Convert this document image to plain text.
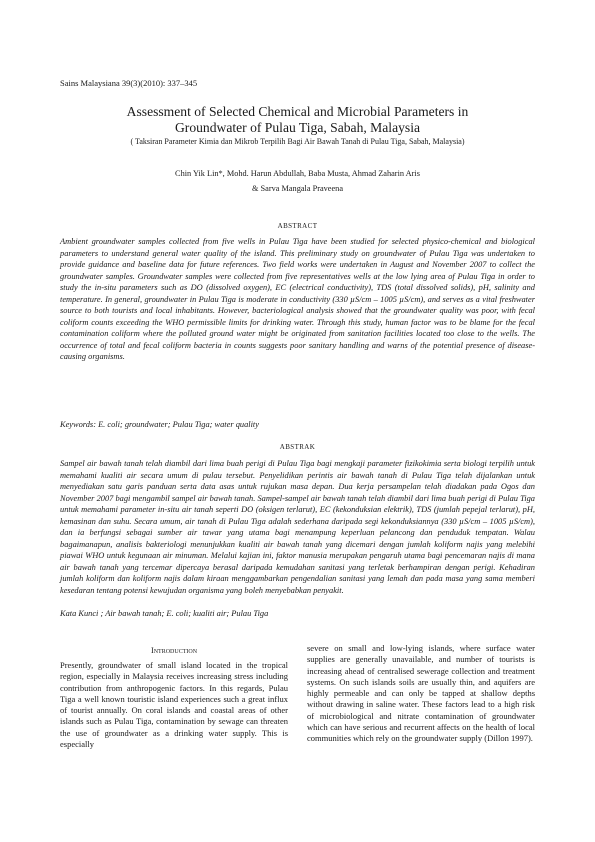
Sains Malaysiana 39(3)(2010): 337–345
Assessment of Selected Chemical and Microbial Parameters in
Groundwater of Pulau Tiga, Sabah, Malaysia
( Taksiran Parameter Kimia dan Mikrob Terpilih Bagi Air Bawah Tanah di Pulau Tiga, Sabah, Malaysia)
Chin Yik Lin*, Mohd. Harun Abdullah, Baba Musta, Ahmad Zaharin Aris
& Sarva Mangala Praveena
ABSTRACT

Ambient groundwater samples collected from five wells in Pulau Tiga have been studied for selected physico-chemical and biological parameters to understand general water quality of the island. This preliminary study on groundwater of Pulau Tiga was undertaken to provide guidance and baseline data for future references. Two field works were undertaken in August and November 2007 to collect the groundwater samples. Groundwater samples were collected from five representatives wells at the low lying area of Pulau Tiga in order to study the in-situ parameters such as DO (dissolved oxygen), EC (electrical conductivity), TDS (total dissolved solids), pH, salinity and temperature. In general, groundwater in Pulau Tiga is moderate in conductivity (330 µS/cm – 1005 µS/cm), and serves as a vital freshwater source to both tourists and local inhabitants. However, bacteriological analysis showed that the groundwater quality was poor, with fecal coliform counts exceeding the WHO permissible limits for drinking water. Through this study, human factor was to be blame for the fecal contamination coliform where the polluted ground water might be originated from sanitation facilities located too close to the wells. The occurrence of total and fecal coliform bacteria in counts suggests poor sanitary handling and warns of the potential presence of disease-causing organisms.

Keywords: E. coli; groundwater; Pulau Tiga; water quality
ABSTRAK

Sampel air bawah tanah telah diambil dari lima buah perigi di Pulau Tiga bagi mengkaji parameter fizikokimia serta biologi terpilih untuk memahami kualiti air secara umum di pulau tersebut. Penyelidikan perintis air bawah tanah di Pulau Tiga telah dijalankan untuk menyediakan satu garis panduan serta data asas untuk rujukan masa depan. Dua kerja persampelan telah diadakan pada Ogos dan November 2007 bagi mengambil sampel air bawah tanah. Sampel-sampel air bawah tanah telah diambil dari lima buah perigi di Pulau Tiga untuk memahami parameter in-situ air tanah seperti DO (oksigen terlarut), EC (kekonduksian elektrik), TDS (jumlah pepejal terlarut), pH, kemasinan dan suhu. Secara umum, air tanah di Pulau Tiga adalah sederhana daripada segi kekonduksiannya (330 µS/cm – 1005 µS/cm), dan ia berfungsi sebagai sumber air tawar yang utama bagi menampung keperluan pelancong dan penduduk tempatan. Walau bagaimanapun, analisis bakteriologi menunjukkan kualiti air bawah tanah yang dicemari dengan jumlah koliform najis yang melebihi piawai WHO untuk kegunaan air minuman. Melalui kajian ini, faktor manusia merupakan pengaruh utama bagi pencemaran najis di mana air bawah tanah yang tercemar dipercaya berasal daripada kemudahan sanitasi yang terletak berhampiran dengan perigi. Kehadiran jumlah koliform dan koliform najis dalam kiraan menggambarkan pengendalian sanitasi yang lemah dan pada masa yang sama memberi kesedaran tentang potensi kewujudan organisma yang boleh menyebabkan penyakit.

Kata Kunci ; Air bawah tanah; E. coli; kualiti air; Pulau Tiga
Introduction

Presently, groundwater of small island located in the tropical region, especially in Malaysia receives increasing stress including contribution from anthropogenic factors. In this regards, Pulau Tiga a well known touristic island experiences such a great influx of tourist annually. On coral islands and coastal areas of other islands such as Pulau Tiga, contamination by sewage can threaten the use of groundwater as a drinking water supply. This is especially

severe on small and low-lying islands, where surface water supplies are generally unavailable, and number of tourists is increasing ahead of centralised sewerage collection and treatment systems. On such islands soils are usually thin, and aquifers are highly permeable and can only be tapped at shallow depths without drawing in saline water. These factors lead to a high risk of microbiological and nitrate contamination of groundwater which can have serious and recurrent affects on the health of local communities which rely on the groundwater supply (Dillon 1997).
